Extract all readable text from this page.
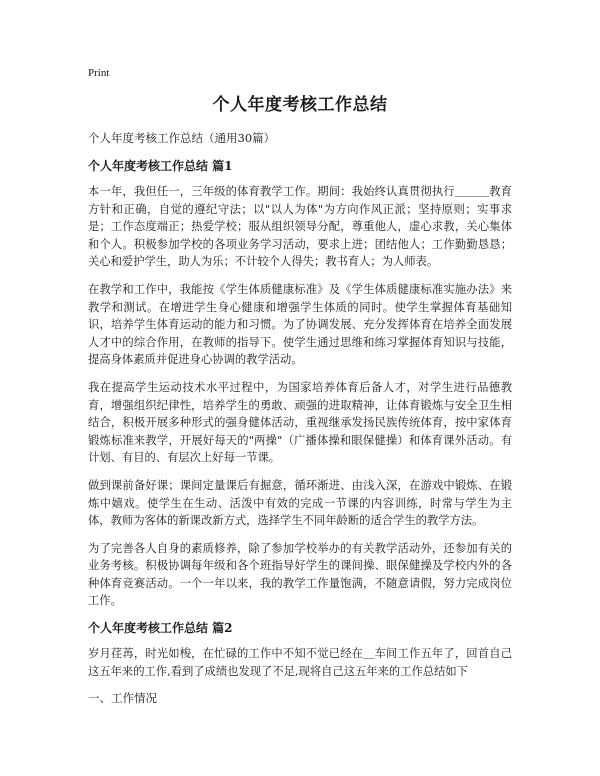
Print
个人年度考核工作总结
个人年度考核工作总结（通用30篇）
个人年度考核工作总结 篇1

本一年，我但任一，三年级的体育教学工作。期间：我始终认真贯彻执行＿＿＿教育方针和正确，自觉的遵纪守法；以"以人为体"为方向作风正派；坚持原则；实事求是；工作态度端正；热爱学校；服从组织领导分配，尊重他人，虚心求教，关心集体和个人。积极参加学校的各项业务学习活动，要求上进；团结他人；工作勤勤恳恳；关心和爱护学生，助人为乐；不计较个人得失；教书育人；为人师表。

在教学和工作中，我能按《学生体质健康标准》及《学生体质健康标准实施办法》来教学和测试。在增进学生身心健康和增强学生体质的同时。使学生掌握体育基础知识，培养学生体育运动的能力和习惯。为了协调发展、充分发挥体育在培养全面发展人才中的综合作用，在教师的指导下。使学生通过思维和练习掌握体育知识与技能，提高身体素质并促进身心协调的教学活动。

我在提高学生运动技术水平过程中，为国家培养体育后备人才，对学生进行品德教育，增强组织纪律性，培养学生的勇敢、顽强的进取精神，让体育锻炼与安全卫生相结合，积极开展多种形式的强身健体活动，重视继承发扬民族传统体育，按中家体育锻炼标准来教学，开展好每天的"两操"（广播体操和眼保健操）和体育课外活动。有计划、有目的、有层次上好每一节课。

做到课前备好课；课间定量课后有掘意，循环渐进、由浅入深，在游戏中锻炼、在锻炼中嬉戏。使学生在生动、活泼中有效的完成一节课的内容训练，时常与学生为主体，教师为客体的新课改新方式，选择学生不同年龄断的适合学生的教学方法。

为了完善各人自身的素质修养，除了参加学校举办的有关教学活动外，还参加有关的业务考核。积极协调每年级和各个班指导好学生的课间操、眼保健操及学校内外的各种体育竞赛活动。一个一年以来，我的教学工作量饱满，不随意请假，努力完成岗位工作。

个人年度考核工作总结 篇2

岁月荏苒，时光如梭，在忙碌的工作中不知不觉已经在＿车间工作五年了，回首自己这五年来的工作,看到了成绩也发现了不足,现将自己这五年来的工作总结如下

一、工作情况
